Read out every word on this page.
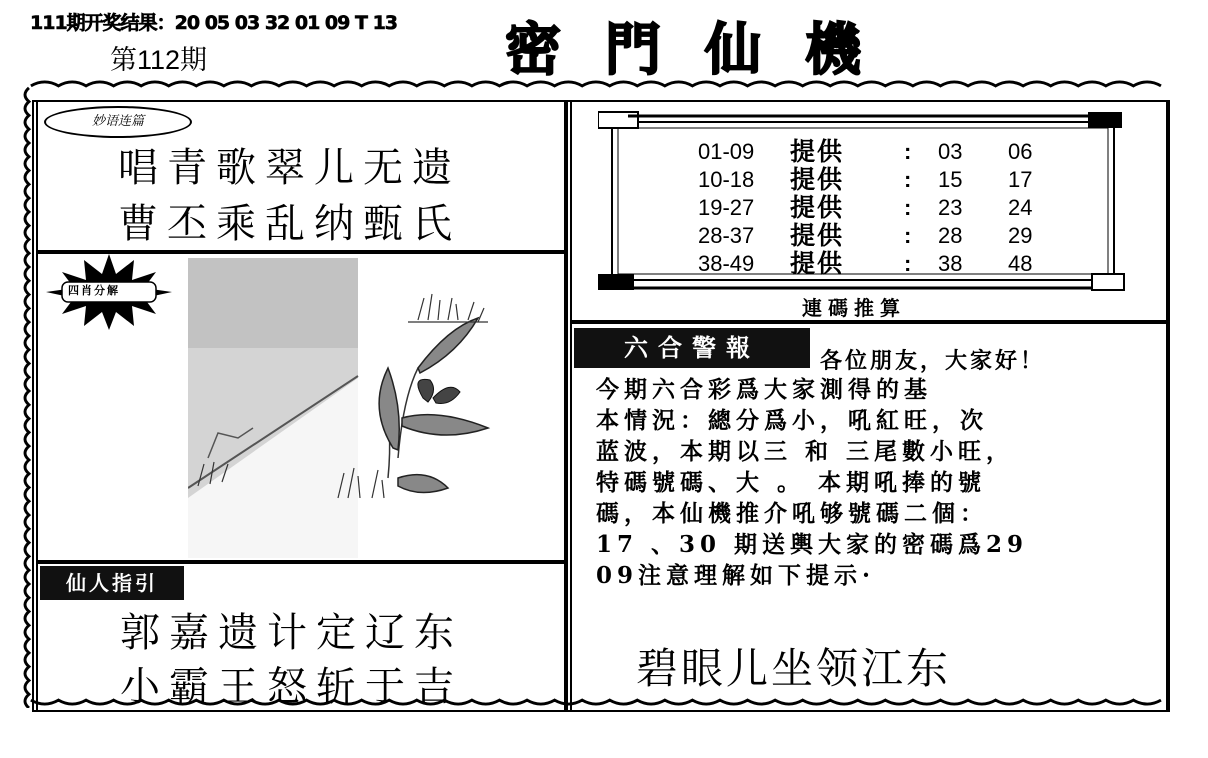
111期开奖结果：20 05 03 32 01 09 T 13
第112期	密門仙機
妙语连篇
唱青歌翠儿无遗
曹丕乘乱纳甄氏
四肖分解
仙人指引
郭嘉遗计定辽东
小霸王怒斩于吉
01-09 提供	: 03 06
10-18 提供	: 15 17
19-27 提供	: 23 24
28-37 提供	: 28 29
38-49 提供	: 38 48
連碼推算
六合警報	各位朋友，大家好！
今期六合彩爲大家測得的基
本情況：總分爲小，吼紅旺，次
蓝波，本期以三 和 三尾數小旺，
特碼號碼、大 。 本期吼捧的號
碼，本仙機推介吼够號碼二個：
17 、30 期送輿大家的密碼爲29
09注意理解如下提示·
碧眼儿坐领江东
